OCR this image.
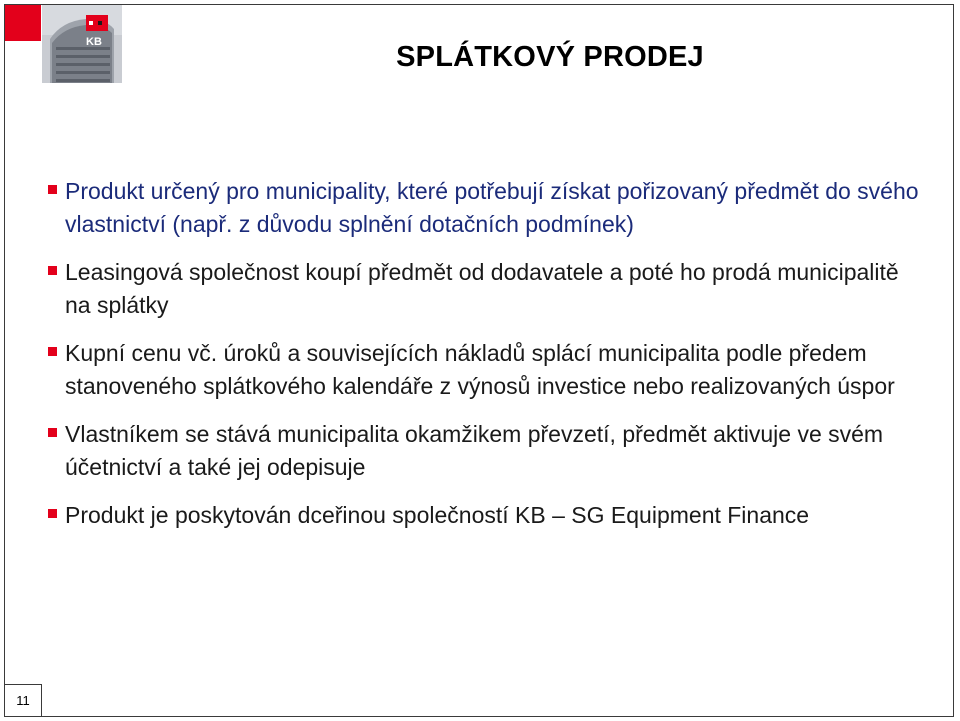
KB	SPLÁTKOVÝ PRODEJ
Produkt určený pro municipality, které potřebují získat pořizovaný předmět do svého vlastnictví (např. z důvodu splnění dotačních podmínek)
Leasingová společnost koupí předmět od dodavatele a poté ho prodá municipalitě na splátky
Kupní cenu vč. úroků a souvisejících nákladů splácí municipalita podle předem stanoveného splátkového kalendáře z výnosů investice nebo realizovaných úspor
Vlastníkem se stává municipalita okamžikem převzetí, předmět aktivuje ve svém účetnictví a také jej odepisuje
Produkt je poskytován dceřinou společností KB – SG Equipment Finance
11
